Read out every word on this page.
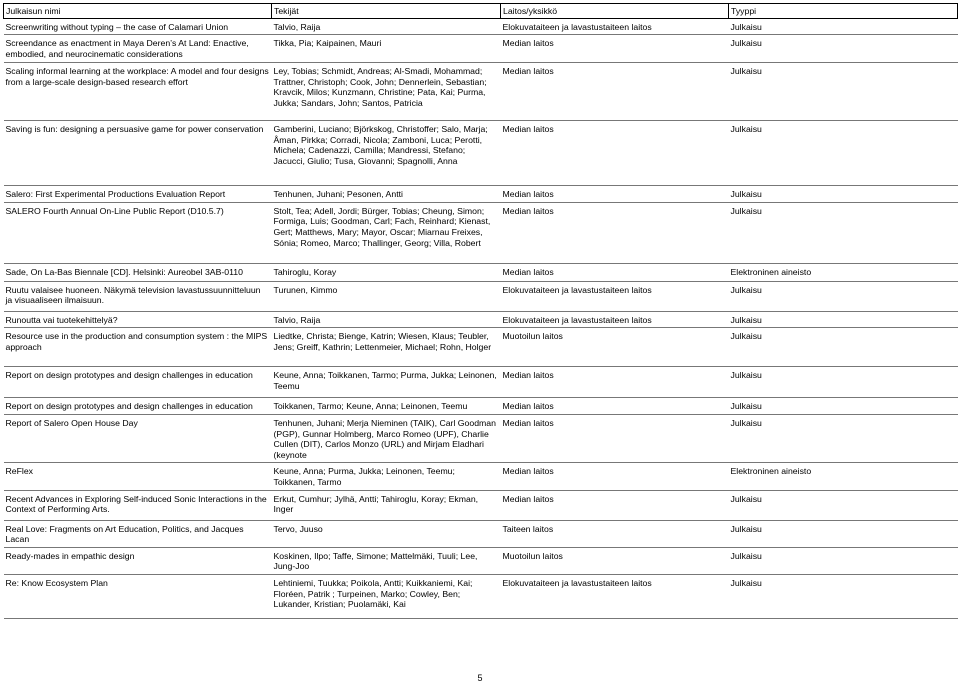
Julkaisun nimi	Tekijät	Laitos/yksikkö	Tyyppi
Screenwriting without typing – the case of Calamari Union	Talvio, Raija	Elokuvataiteen ja lavastustaiteen laitos	Julkaisu
Screendance as enactment in Maya Deren’s At Land: Enactive, embodied, and neurocinematic considerations	Tikka, Pia; Kaipainen, Mauri	Median laitos	Julkaisu
Scaling informal learning at the workplace: A model and four designs from a large-scale design-based research effort	Ley, Tobias; Schmidt, Andreas; Al-Smadi, Mohammad; Trattner, Christoph; Cook, John; Dennerlein, Sebastian; Kravcik, Milos; Kunzmann, Christine; Pata, Kai; Purma, Jukka; Sandars, John; Santos, Patricia	Median laitos	Julkaisu
Saving is fun: designing a persuasive game for power conservation	Gamberini, Luciano; Björkskog, Christoffer; Salo, Marja; Åman, Pirkka; Corradi, Nicola; Zamboni, Luca; Perotti, Michela; Cadenazzi, Camilla; Mandressi, Stefano; Jacucci, Giulio; Tusa, Giovanni; Spagnolli, Anna	Median laitos	Julkaisu
Salero: First Experimental Productions Evaluation Report	Tenhunen, Juhani; Pesonen, Antti	Median laitos	Julkaisu
SALERO Fourth Annual On-Line Public Report (D10.5.7)	Stolt, Tea; Adell, Jordi; Bürger, Tobias; Cheung, Simon; Formiga, Luis; Goodman, Carl; Fach, Reinhard; Kienast, Gert; Matthews, Mary; Mayor, Oscar; Miarnau Freixes, Sónia; Romeo, Marco; Thallinger, Georg; Villa, Robert	Median laitos	Julkaisu
Sade, On La-Bas Biennale [CD]. Helsinki: Aureobel 3AB-0110	Tahiroglu, Koray	Median laitos	Elektroninen aineisto
Ruutu valaisee huoneen. Näkymä television lavastussuunnitteluun ja visuaaliseen ilmaisuun.	Turunen, Kimmo	Elokuvataiteen ja lavastustaiteen laitos	Julkaisu
Runoutta vai tuotekehittelyä?	Talvio, Raija	Elokuvataiteen ja lavastustaiteen laitos	Julkaisu
Resource use in the production and consumption system : the MIPS approach	Liedtke, Christa; Bienge, Katrin; Wiesen, Klaus; Teubler, Jens; Greiff, Kathrin; Lettenmeier, Michael; Rohn, Holger	Muotoilun laitos	Julkaisu
Report on design prototypes and design challenges in education	Keune, Anna; Toikkanen, Tarmo; Purma, Jukka; Leinonen, Teemu	Median laitos	Julkaisu
Report on design prototypes and design challenges in education	Toikkanen, Tarmo; Keune, Anna; Leinonen, Teemu	Median laitos	Julkaisu
Report of Salero Open House Day	Tenhunen, Juhani; Merja Nieminen (TAIK), Carl Goodman (PGP), Gunnar Holmberg, Marco Romeo (UPF), Charlie Cullen (DIT), Carlos Monzo (URL) and Mirjam Eladhari (keynote	Median laitos	Julkaisu
ReFlex	Keune, Anna; Purma, Jukka; Leinonen, Teemu; Toikkanen, Tarmo	Median laitos	Elektroninen aineisto
Recent Advances in Exploring Self-induced Sonic Interactions in the Context of Performing Arts.	Erkut, Cumhur; Jylhä, Antti; Tahiroglu, Koray; Ekman, Inger	Median laitos	Julkaisu
Real Love: Fragments on Art Education, Politics, and Jacques Lacan	Tervo, Juuso	Taiteen laitos	Julkaisu
Ready-mades in empathic design	Koskinen, Ilpo; Taffe, Simone; Mattelmäki, Tuuli; Lee, Jung-Joo	Muotoilun laitos	Julkaisu
Re: Know Ecosystem Plan	Lehtiniemi, Tuukka; Poikola, Antti; Kuikkaniemi, Kai; Floréen, Patrik ; Turpeinen, Marko; Cowley, Ben; Lukander, Kristian; Puolamäki, Kai	Elokuvataiteen ja lavastustaiteen laitos	Julkaisu
5
